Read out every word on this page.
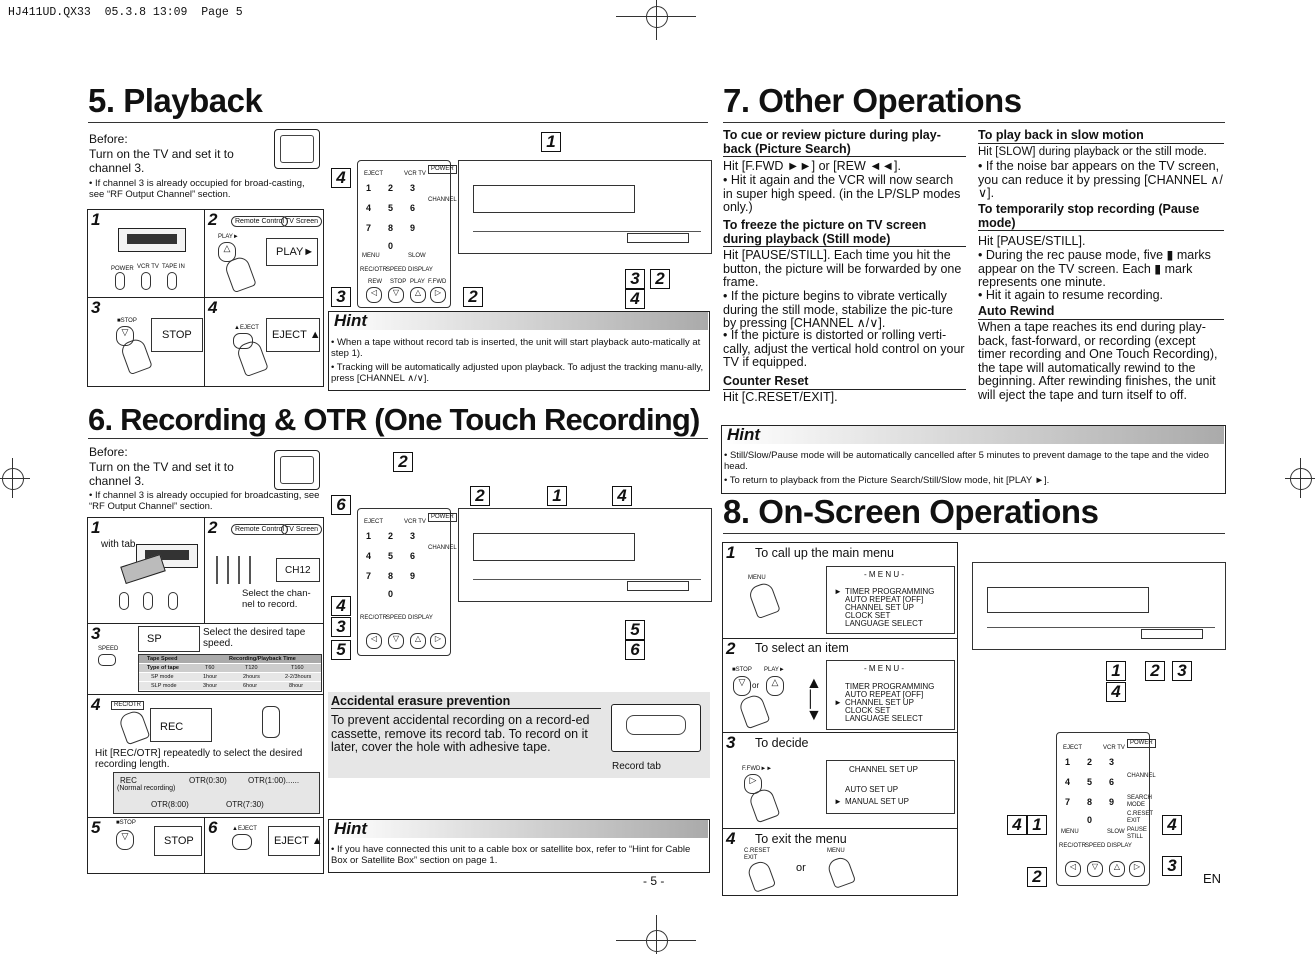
HJ411UD.QX33  05.3.8 13:09  Page 5
5. Playback
Before:
Turn on the TV and set it to channel 3.
• If channel 3 is already occupied for broad-casting, see “RF Output Channel” section.
1
POWER VCR TV TAPE IN
2	Remote Control TV Screen
PLAY►
△	PLAY►
3
■STOP
▽	STOP
4
▲EJECT
EJECT ▲
EJECT	VCR TV
POWER
1 2 3
4 5 6
7 8 9
0
CHANNEL
MENU	SLOW
REC/OTR SPEED DISPLAY
REW STOP PLAY F.FWD
◁	▽	△	▷
1
4
3	2
3 2
4
Hint
• When a tape without record tab is inserted, the unit will start playback auto-matically at step 1).
• Tracking will be automatically adjusted upon playback. To adjust the tracking manu-ally, press [CHANNEL ∧/∨].
6. Recording & OTR (One Touch Recording)
Before:
Turn on the TV and set it to channel 3.
• If channel 3 is already occupied for broadcasting, see “RF Output Channel” section.
1
with tab
2	Remote Control TV Screen
CH12
Select the chan-nel to record.
3
SPEED
SP
Select the desired tape speed.
Tape Speed	Recording/Playback Time
Type of tape	T60	T120	T160
SP mode	1hour	2hours	2-2/3hours
SLP mode	3hour	6hour	8hour
4	REC/OTR
REC
Hit [REC/OTR] repeatedly to select the desired recording length.
REC
(Normal recording)
OTR(0:30)	OTR(1:00)......
OTR(8:00)	OTR(7:30)
5	■STOP
▽	STOP
6 ▲EJECT
EJECT ▲
EJECT	VCR TV
POWER
1 2 3
4 5 6
7 8 9
0
CHANNEL
REC/OTR SPEED DISPLAY
◁	▽	△	▷
2
6	2	1	4
4
3
5
5
6
Accidental erasure prevention
To prevent accidental recording on a record-ed cassette, remove its record tab. To record on it later, cover the hole with adhesive tape.
Record tab
Hint
• If you have connected this unit to a cable box or satellite box, refer to “Hint for Cable Box or Satellite Box” section on page 1.
- 5 -
7. Other Operations
To cue or review picture during play-back (Picture Search)
Hit [F.FWD ►►] or [REW ◄◄].
• Hit it again and the VCR will now search in super high speed. (in the LP/SLP modes only.)
To freeze the picture on TV screen during playback (Still mode)
Hit [PAUSE/STILL]. Each time you hit the button, the picture will be forwarded by one frame.
• If the picture begins to vibrate vertically during the still mode, stabilize the pic-ture by pressing [CHANNEL ∧/∨].
• If the picture is distorted or rolling verti-cally, adjust the vertical hold control on your TV if equipped.
Counter Reset
Hit [C.RESET/EXIT].
To play back in slow motion
Hit [SLOW] during playback or the still mode.
• If the noise bar appears on the TV screen, you can reduce it by pressing [CHANNEL ∧/∨].
To temporarily stop recording (Pause mode)
Hit [PAUSE/STILL].
• During the rec pause mode, five ▮ marks appear on the TV screen. Each ▮ mark represents one minute.
• Hit it again to resume recording.
Auto Rewind
When a tape reaches its end during play-back, fast-forward, or recording (except timer recording and One Touch Recording), the tape will automatically rewind to the beginning. After rewinding finishes, the unit will eject the tape and turn itself to off.
Hint
• Still/Slow/Pause mode will be automatically cancelled after 5 minutes to prevent damage to the tape and the video head.
• To return to playback from the Picture Search/Still/Slow mode, hit [PLAY ►].
8. On-Screen Operations
1 To call up the main menu
MENU	- M E N U -
► TIMER PROGRAMMING
AUTO REPEAT [OFF]
CHANNEL SET UP
CLOCK SET
LANGUAGE SELECT
2 To select an item
■STOP
▽ or
PLAY►
△	▲
│
▼
- M E N U -
TIMER PROGRAMMING
AUTO REPEAT [OFF]
► CHANNEL SET UP
CLOCK SET
LANGUAGE SELECT
3 To decide
F.FWD►►
▷
CHANNEL SET UP
AUTO SET UP
► MANUAL SET UP
4 To exit the menu
C.RESET EXIT
or
MENU
1	2	3
4
EJECT	VCR TV
POWER
1 2 3
4 5 6
7 8 9
0
CHANNEL
SEARCH MODE
C.RESET EXIT
MENU	SLOW PAUSE STILL
REC/OTR SPEED DISPLAY
◁	▽	△	▷
4 1	4
2
3
EN
